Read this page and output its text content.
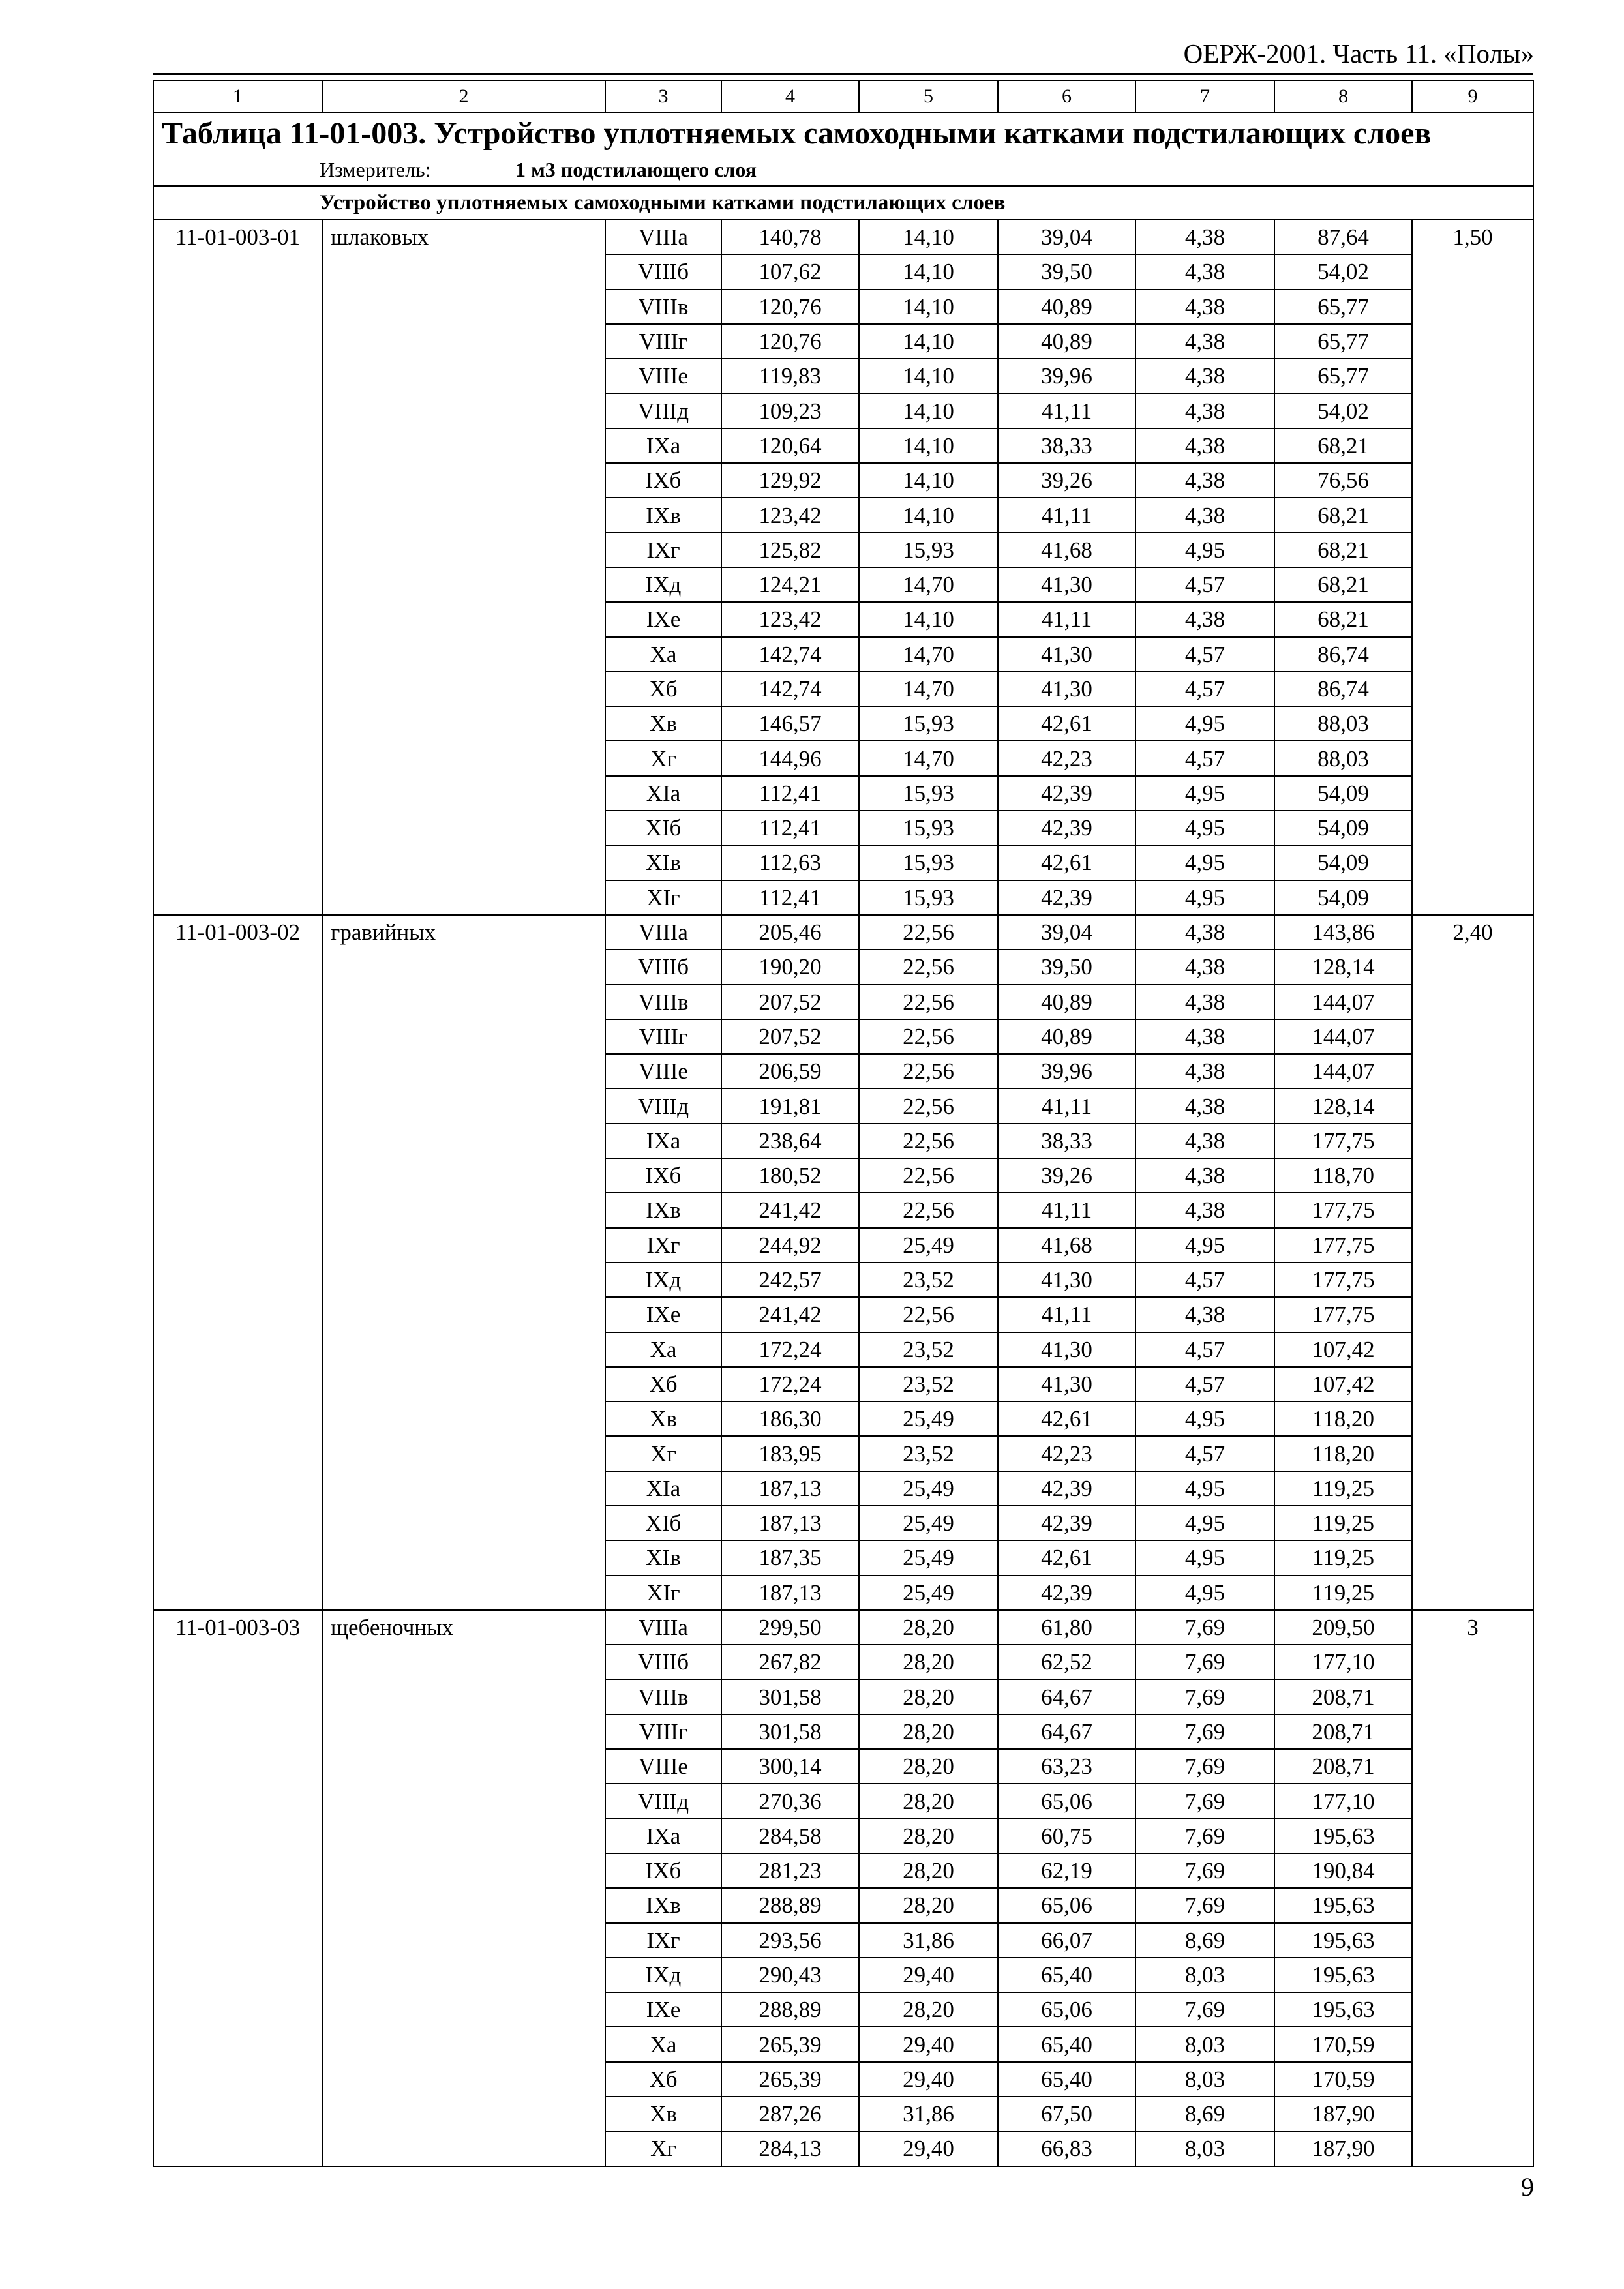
ОЕРЖ-2001. Часть 11. «Полы»
1	2	3	4	5	6	7	8	9
Таблица 11-01-003. Устройство уплотняемых самоходными катками подстилающих слоев								
Измеритель: 1 м3 подстилающего слоя								
Устройство уплотняемых самоходными катками подстилающих слоев								
11-01-003-01	шлаковых	VIIIа	140,78	14,10	39,04	4,38	87,64	1,50
		VIIIб	107,62	14,10	39,50	4,38	54,02	
		VIIIв	120,76	14,10	40,89	4,38	65,77	
		VIIIг	120,76	14,10	40,89	4,38	65,77	
		VIIIе	119,83	14,10	39,96	4,38	65,77	
		VIIIд	109,23	14,10	41,11	4,38	54,02	
		IXа	120,64	14,10	38,33	4,38	68,21	
		IXб	129,92	14,10	39,26	4,38	76,56	
		IXв	123,42	14,10	41,11	4,38	68,21	
		IXг	125,82	15,93	41,68	4,95	68,21	
		IXд	124,21	14,70	41,30	4,57	68,21	
		IXе	123,42	14,10	41,11	4,38	68,21	
		Xа	142,74	14,70	41,30	4,57	86,74	
		Xб	142,74	14,70	41,30	4,57	86,74	
		Xв	146,57	15,93	42,61	4,95	88,03	
		Xг	144,96	14,70	42,23	4,57	88,03	
		XIа	112,41	15,93	42,39	4,95	54,09	
		XIб	112,41	15,93	42,39	4,95	54,09	
		XIв	112,63	15,93	42,61	4,95	54,09	
		XIг	112,41	15,93	42,39	4,95	54,09	
11-01-003-02	гравийных	VIIIа	205,46	22,56	39,04	4,38	143,86	2,40
		VIIIб	190,20	22,56	39,50	4,38	128,14	
		VIIIв	207,52	22,56	40,89	4,38	144,07	
		VIIIг	207,52	22,56	40,89	4,38	144,07	
		VIIIе	206,59	22,56	39,96	4,38	144,07	
		VIIIд	191,81	22,56	41,11	4,38	128,14	
		IXа	238,64	22,56	38,33	4,38	177,75	
		IXб	180,52	22,56	39,26	4,38	118,70	
		IXв	241,42	22,56	41,11	4,38	177,75	
		IXг	244,92	25,49	41,68	4,95	177,75	
		IXд	242,57	23,52	41,30	4,57	177,75	
		IXе	241,42	22,56	41,11	4,38	177,75	
		Xа	172,24	23,52	41,30	4,57	107,42	
		Xб	172,24	23,52	41,30	4,57	107,42	
		Xв	186,30	25,49	42,61	4,95	118,20	
		Xг	183,95	23,52	42,23	4,57	118,20	
		XIа	187,13	25,49	42,39	4,95	119,25	
		XIб	187,13	25,49	42,39	4,95	119,25	
		XIв	187,35	25,49	42,61	4,95	119,25	
		XIг	187,13	25,49	42,39	4,95	119,25	
11-01-003-03	щебеночных	VIIIа	299,50	28,20	61,80	7,69	209,50	3
		VIIIб	267,82	28,20	62,52	7,69	177,10	
		VIIIв	301,58	28,20	64,67	7,69	208,71	
		VIIIг	301,58	28,20	64,67	7,69	208,71	
		VIIIе	300,14	28,20	63,23	7,69	208,71	
		VIIIд	270,36	28,20	65,06	7,69	177,10	
		IXа	284,58	28,20	60,75	7,69	195,63	
		IXб	281,23	28,20	62,19	7,69	190,84	
		IXв	288,89	28,20	65,06	7,69	195,63	
		IXг	293,56	31,86	66,07	8,69	195,63	
		IXд	290,43	29,40	65,40	8,03	195,63	
		IXе	288,89	28,20	65,06	7,69	195,63	
		Xа	265,39	29,40	65,40	8,03	170,59	
		Xб	265,39	29,40	65,40	8,03	170,59	
		Xв	287,26	31,86	67,50	8,69	187,90	
		Xг	284,13	29,40	66,83	8,03	187,90	
9
